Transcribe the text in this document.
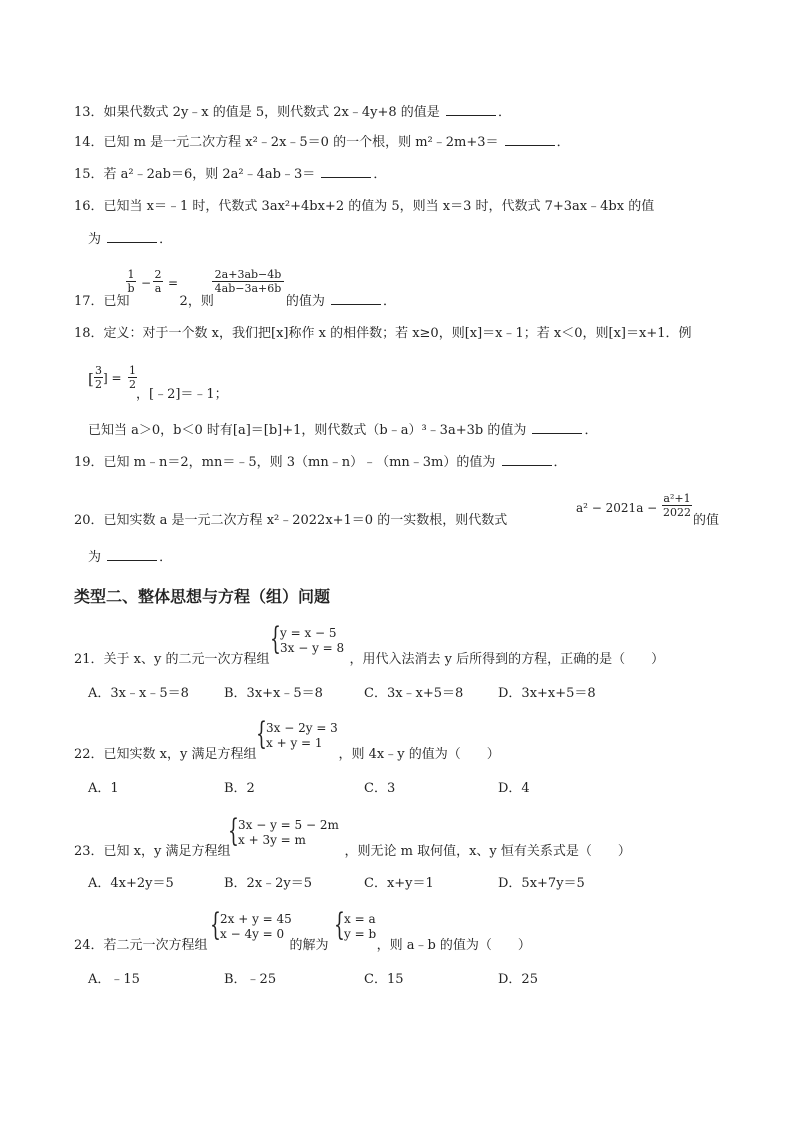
13．如果代数式 2y﹣x 的值是 5，则代数式 2x﹣4y+8 的值是	．
14．已知 m 是一元二次方程 x²﹣2x﹣5＝0 的一个根，则 m²﹣2m+3＝	．
15．若 a²﹣2ab＝6，则 2a²﹣4ab﹣3＝	．
16．已知当 x＝﹣1 时，代数式 3ax²+4bx+2 的值为 5，则当 x＝3 时，代数式 7+3ax﹣4bx 的值
为	．
$\frac{1}{b} - \frac{2}{a}$ =	$\frac{2a+3ab-4b}{4ab-3a+6b}$
17．已知	2，则	的值为	．
18．定义：对于一个数 x，我们把[x]称作 x 的相伴数；若 x≥0，则[x]＝x﹣1；若 x＜0，则[x]＝x+1．例
[ $\frac{3}{2}$ ] = $\frac{1}{2}$
，[﹣2]＝﹣1；
已知当 a＞0，b＜0 时有[a]＝[b]+1，则代数式（b﹣a）³﹣3a+3b 的值为	．
19．已知 m﹣n＝2，mn＝﹣5，则 3（mn﹣n）﹣（mn﹣3m）的值为	．
20．已知实数 a 是一元二次方程 x²﹣2022x+1＝0 的一实数根，则代数式
$a^2 - 2021a - \frac{\text{a²+1}}{2022}$
的值
为	．
类型二、整体思想与方程（组）问题
{ y = x − 5
3x − y = 8
21．关于 x、y 的二元一次方程组	，用代入法消去 y 后所得到的方程，正确的是（　　）
A．3x﹣x﹣5＝8	B．3x+x﹣5＝8	C．3x﹣x+5＝8	D．3x+x+5＝8
{ 3x − 2y = 3
x + y = 1
22．已知实数 x，y 满足方程组	，则 4x﹣y 的值为（　　）
A．1	B．2	C．3	D．4
{ 3x − y = 5 − 2m
x + 3y = m
23．已知 x，y 满足方程组	，则无论 m 取何值，x、y 恒有关系式是（　　）
A．4x+2y＝5	B．2x﹣2y＝5	C．x+y＝1	D．5x+7y＝5
{ 2x + y = 45
x − 4y = 0 { x = a
y = b
24．若二元一次方程组	的解为	，则 a﹣b 的值为（　　）
A．﹣15	B．﹣25	C．15	D．25
